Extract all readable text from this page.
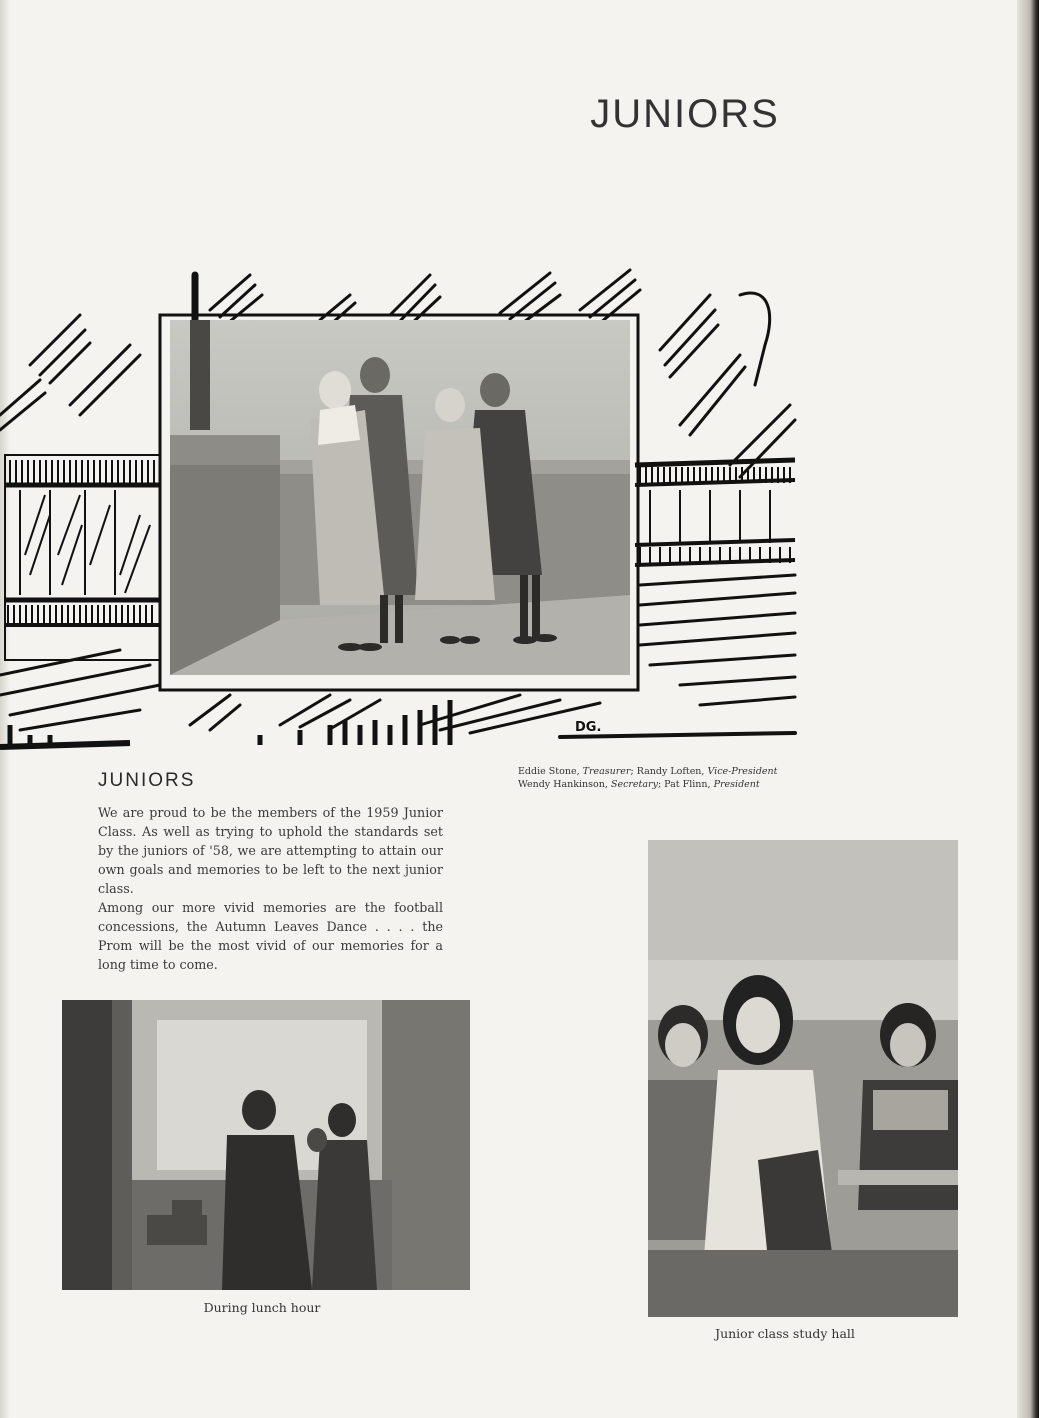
JUNIORS
DG.
Eddie Stone, Treasurer; Randy Loften, Vice-President
Wendy Hankinson, Secretary; Pat Flinn, President
JUNIORS

We are proud to be the members of the 1959 Junior Class. As well as trying to uphold the standards set by the juniors of '58, we are attempting to attain our own goals and memories to be left to the next junior class.

Among our more vivid memories are the football concessions, the Autumn Leaves Dance . . . . the Prom will be the most vivid of our memories for a long time to come.

During lunch hour
Junior class study hall
